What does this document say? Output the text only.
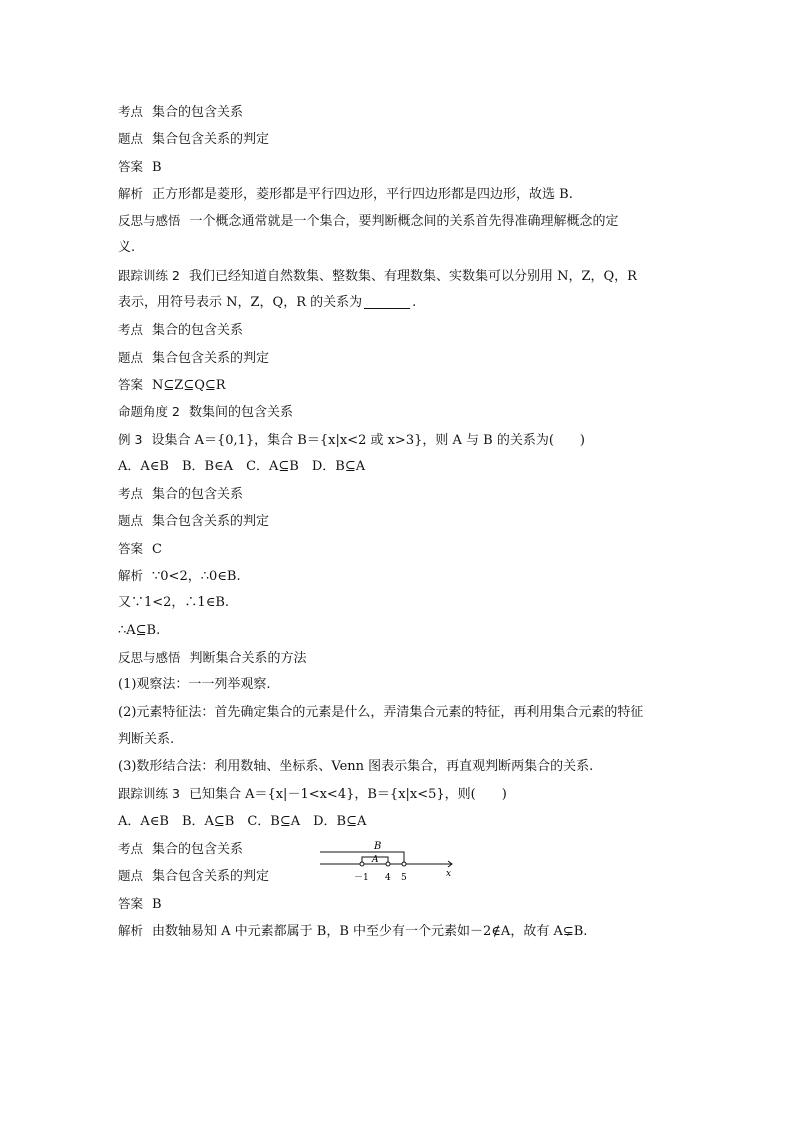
考点 集合的包含关系
题点 集合包含关系的判定
答案 B
解析 正方形都是菱形，菱形都是平行四边形，平行四边形都是四边形，故选 B.
反思与感悟 一个概念通常就是一个集合，要判断概念间的关系首先得准确理解概念的定
义.
跟踪训练 2 我们已经知道自然数集、整数集、有理数集、实数集可以分别用 N，Z，Q，R
表示，用符号表示 N，Z，Q，R 的关系为	.
考点 集合的包含关系
题点 集合包含关系的判定
答案 N⊆Z⊆Q⊆R
命题角度 2 数集间的包含关系
例 3 设集合 A＝{0,1}，集合 B＝{x|x<2 或 x>3}，则 A 与 B 的关系为(　　)
A．A∈B　B．B∈A　C．A⊆B　D．B⊆A
考点 集合的包含关系
题点 集合包含关系的判定
答案 C
解析 ∵0<2，∴0∈B.
又∵1<2，∴1∈B.
∴A⊆B.
反思与感悟 判断集合关系的方法
(1)观察法：一一列举观察.
(2)元素特征法：首先确定集合的元素是什么，弄清集合元素的特征，再利用集合元素的特征
判断关系.
(3)数形结合法：利用数轴、坐标系、Venn 图表示集合，再直观判断两集合的关系.
跟踪训练 3 已知集合 A＝{x|－1<x<4}，B＝{x|x<5}，则(　　)
A．A∈B　B．A⊆B　C．B⊆A　D．B⊆A
考点 集合的包含关系
题点 集合包含关系的判定
答案 B
解析 由数轴易知 A 中元素都属于 B，B 中至少有一个元素如－2∉A，故有 A⊊B.
B
A
－1 4 5	x
